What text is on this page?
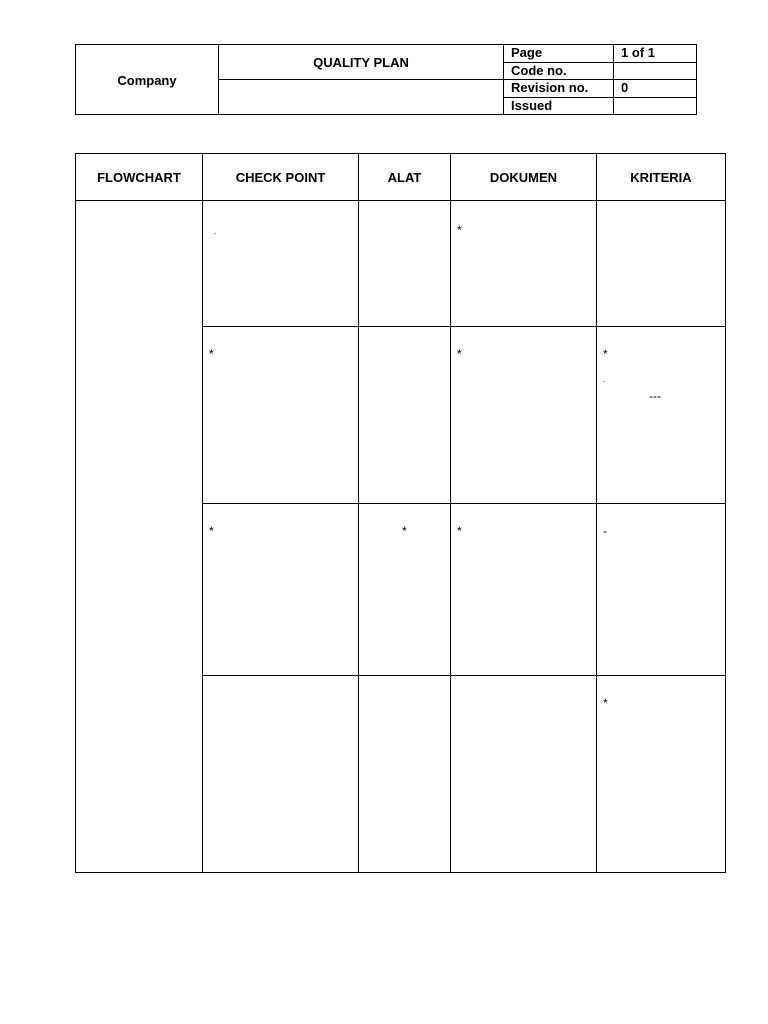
Company	QUALITY PLAN	Page	1 of 1
		Code no.	
		Revision no.	0
		Issued	
FLOWCHART	CHECK POINT	ALAT	DOKUMEN	KRITERIA

	.		*	

	*		*	*
.
---

	*	*	*	-

				*
